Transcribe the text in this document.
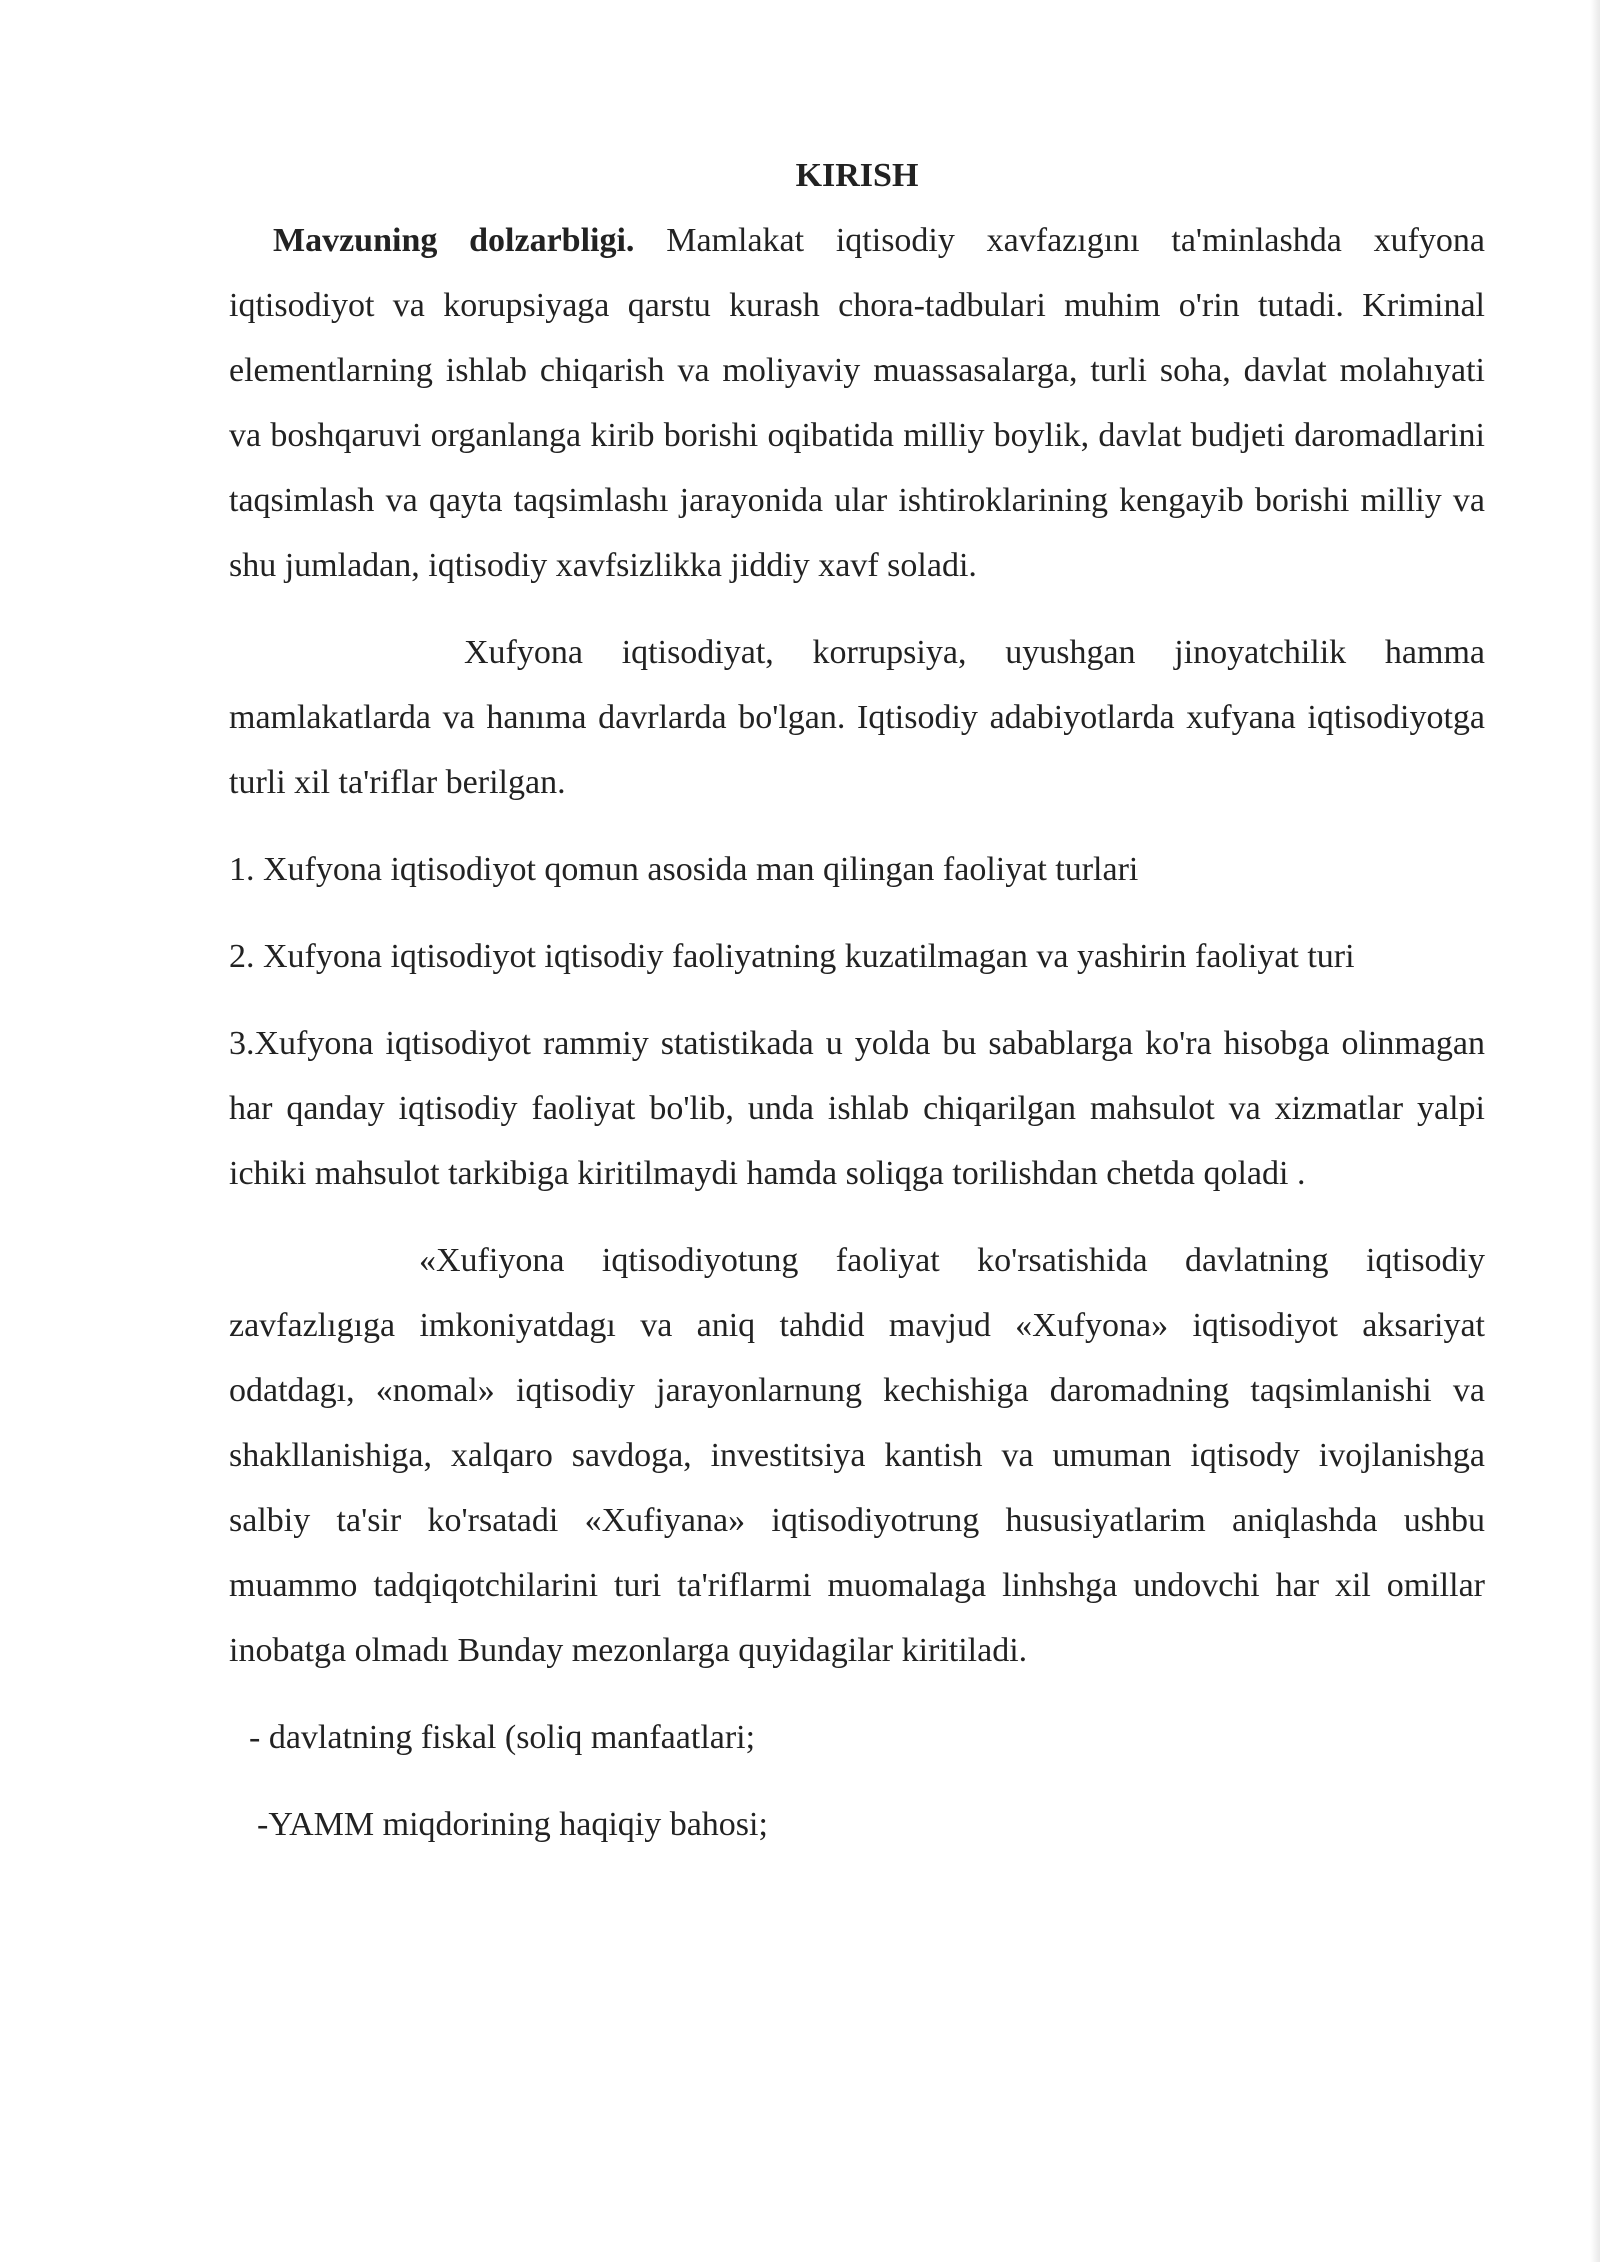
KIRISH

Mavzuning dolzarbligi. Mamlakat iqtisodiy xavfazıgını ta'minlashda xufyona iqtisodiyot va korupsiyaga qarstu kurash chora-tadbulari muhim o'rin tutadi. Kriminal elementlarning ishlab chiqarish va moliyaviy muassasalarga, turli soha, davlat molahıyati va boshqaruvi organlanga kirib borishi oqibatida milliy boylik, davlat budjeti daromadlarini taqsimlash va qayta taqsimlashı jarayonida ular ishtiroklarining kengayib borishi milliy va shu jumladan, iqtisodiy xavfsizlikka jiddiy xavf soladi.

Xufyona iqtisodiyat, korrupsiya, uyushgan jinoyatchilik hamma mamlakatlarda va hanıma davrlarda bo'lgan. Iqtisodiy adabiyotlarda xufyana iqtisodiyotga turli xil ta'riflar berilgan.

1. Xufyona iqtisodiyot qomun asosida man qilingan faoliyat turlari

2. Xufyona iqtisodiyot iqtisodiy faoliyatning kuzatilmagan va yashirin faoliyat turi

3.Xufyona iqtisodiyot rammiy statistikada u yolda bu sabablarga ko'ra hisobga olinmagan har qanday iqtisodiy faoliyat bo'lib, unda ishlab chiqarilgan mahsulot va xizmatlar yalpi ichiki mahsulot tarkibiga kiritilmaydi hamda soliqga torilishdan chetda qoladi .

«Xufiyona iqtisodiyotung faoliyat ko'rsatishida davlatning iqtisodiy zavfazlıgıga imkoniyatdagı va aniq tahdid mavjud «Xufyona» iqtisodiyot aksariyat odatdagı, «nomal» iqtisodiy jarayonlarnung kechishiga daromadning taqsimlanishi va shakllanishiga, xalqaro savdoga, investitsiya kantish va umuman iqtisody ivojlanishga salbiy ta'sir ko'rsatadi «Xufiyana» iqtisodiyotrung hususiyatlarim aniqlashda ushbu muammo tadqiqotchilarini turi ta'riflarmi muomalaga linhshga undovchi har xil omillar inobatga olmadı Bunday mezonlarga quyidagilar kiritiladi.

- davlatning fiskal (soliq manfaatlari;

-YAMM miqdorining haqiqiy bahosi;
